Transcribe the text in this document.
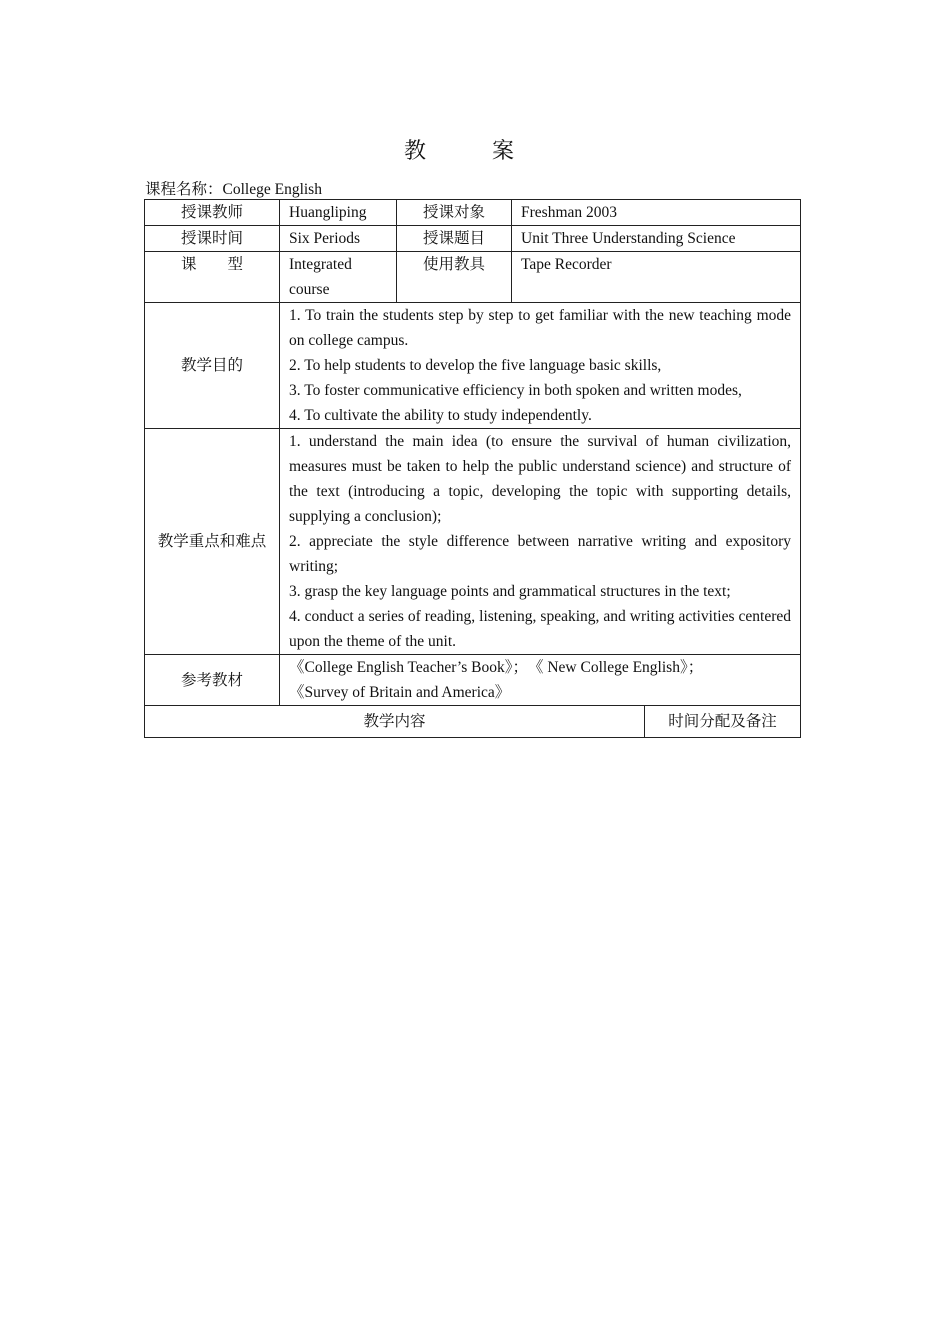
教　案
课程名称：College English
授课教师	Huangliping	授课对象	Freshman 2003	
授课时间	Six Periods	授课题目	Unit Three Understanding Science	
课　　型	Integrated course	使用教具	Tape Recorder	
教学目的	1. To train the students step by step to get familiar with the new teaching mode on college campus.
2. To help students to develop the five language basic skills,
3. To foster communicative efficiency in both spoken and written modes,
4. To cultivate the ability to study independently.			

教学重点和难点	1. understand the main idea (to ensure the survival of human civilization, measures must be taken to help the public understand science) and structure of the text (introducing a topic, developing the topic with supporting details, supplying a conclusion);
2. appreciate the style difference between narrative writing and expository writing;
3. grasp the key language points and grammatical structures in the text;
4. conduct a series of reading, listening, speaking, and writing activities centered upon the theme of the unit.			

参考教材	《College English Teacher’s Book》；　《 New College English》；
《Survey of Britain and America》			

教学内容				时间分配及备注
